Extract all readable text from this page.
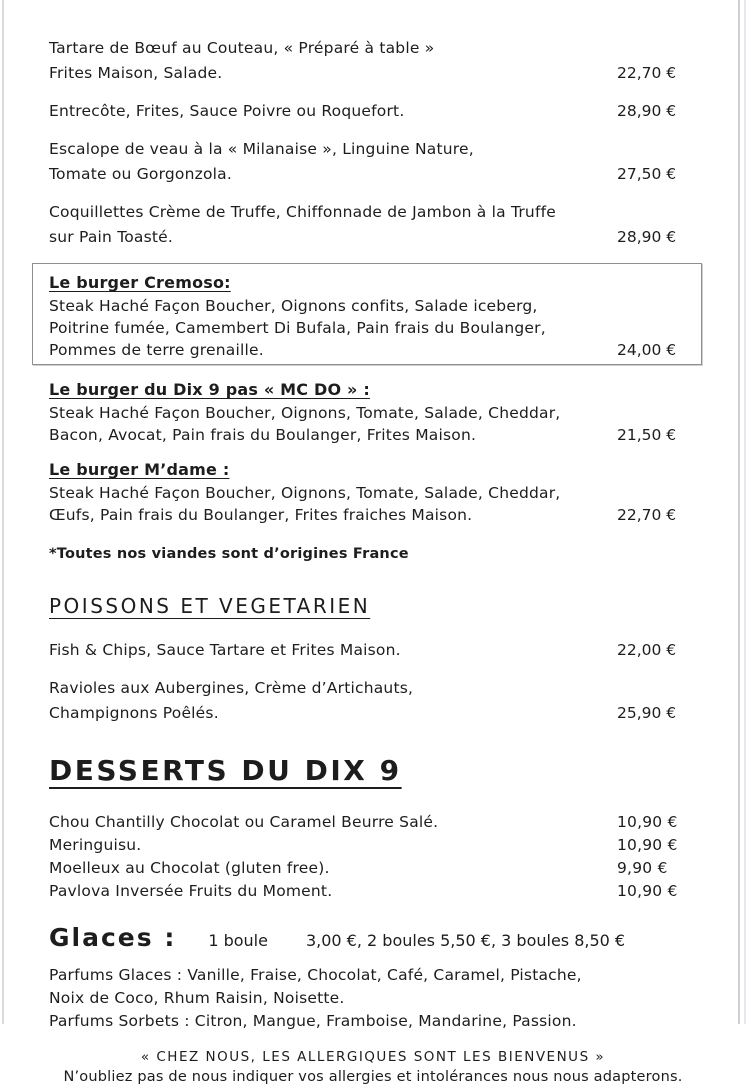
Tartare de Bœuf au Couteau, « Préparé à table »
Frites Maison, Salade.	22,70 €
Entrecôte, Frites, Sauce Poivre ou Roquefort.	28,90 €
Escalope de veau à la « Milanaise », Linguine Nature,
Tomate ou Gorgonzola.	27,50 €
Coquillettes Crème de Truffe, Chiffonnade de Jambon à la Truffe
sur Pain Toasté.	28,90 €
Le burger Cremoso:
Steak Haché Façon Boucher, Oignons confits, Salade iceberg,
Poitrine fumée, Camembert Di Bufala, Pain frais du Boulanger,
Pommes de terre grenaille.	24,00 €
Le burger du Dix 9 pas « MC DO » :
Steak Haché Façon Boucher, Oignons, Tomate, Salade, Cheddar,
Bacon, Avocat, Pain frais du Boulanger, Frites Maison.	21,50 €
Le burger M’dame :
Steak Haché Façon Boucher, Oignons, Tomate, Salade, Cheddar,
Œufs, Pain frais du Boulanger, Frites fraiches Maison.	22,70 €
*Toutes nos viandes sont d’origines France
POISSONS ET VEGETARIEN
Fish & Chips, Sauce Tartare et Frites Maison.	22,00 €
Ravioles aux Aubergines, Crème d’Artichauts,
Champignons Poêlés.	25,90 €
DESSERTS DU DIX 9
Chou Chantilly Chocolat ou Caramel Beurre Salé.	10,90 €
Meringuisu.	10,90 €
Moelleux au Chocolat (gluten free).	9,90 €
Pavlova Inversée Fruits du Moment.	10,90 €
Glaces : 1 boule 3,00 €, 2 boules 5,50 €, 3 boules 8,50 €
Parfums Glaces : Vanille, Fraise, Chocolat, Café, Caramel, Pistache,
Noix de Coco, Rhum Raisin, Noisette.
Parfums Sorbets : Citron, Mangue, Framboise, Mandarine, Passion.
« CHEZ NOUS, LES ALLERGIQUES SONT LES BIENVENUS »
N’oubliez pas de nous indiquer vos allergies et intolérances nous nous adapterons.
